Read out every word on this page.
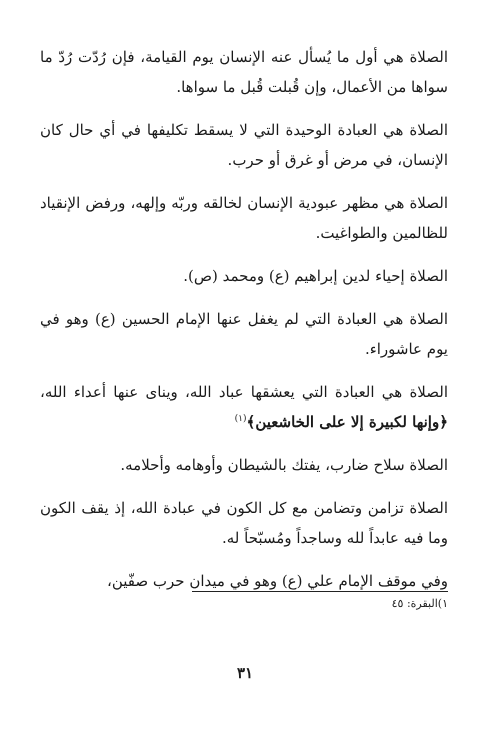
الصلاة هي أول ما يُسأل عنه الإنسان يوم القيامة، فإن رُدّت رُدّ ما سواها من الأعمال، وإن قُبلت قُبل ما سواها.

الصلاة هي العبادة الوحيدة التي لا يسقط تكليفها في أي حال كان الإنسان، في مرض أو غرق أو حرب.

الصلاة هي مظهر عبودية الإنسان لخالقه وربّه وإلهه، ورفض الإنقياد للظالمين والطواغيت.

الصلاة إحياء لدين إبراهيم (ع) ومحمد (ص).

الصلاة هي العبادة التي لم يغفل عنها الإمام الحسين (ع) وهو في يوم عاشوراء.

الصلاة هي العبادة التي يعشقها عباد الله، ويناى عنها أعداء الله، ﴿وإنها لكبيرة إلا على الخاشعين﴾$^{(١)}$

الصلاة سلاح ضارب، يفتك بالشيطان وأوهامه وأحلامه.

الصلاة تزامن وتضامن مع كل الكون في عبادة الله، إذ يقف الكون وما فيه عابداً لله وساجداً ومُسبّحاً له.

وفي موقف الإمام علي (ع) وهو في ميدان حرب صفّين،

١)البقرة: ٤٥
٣١
